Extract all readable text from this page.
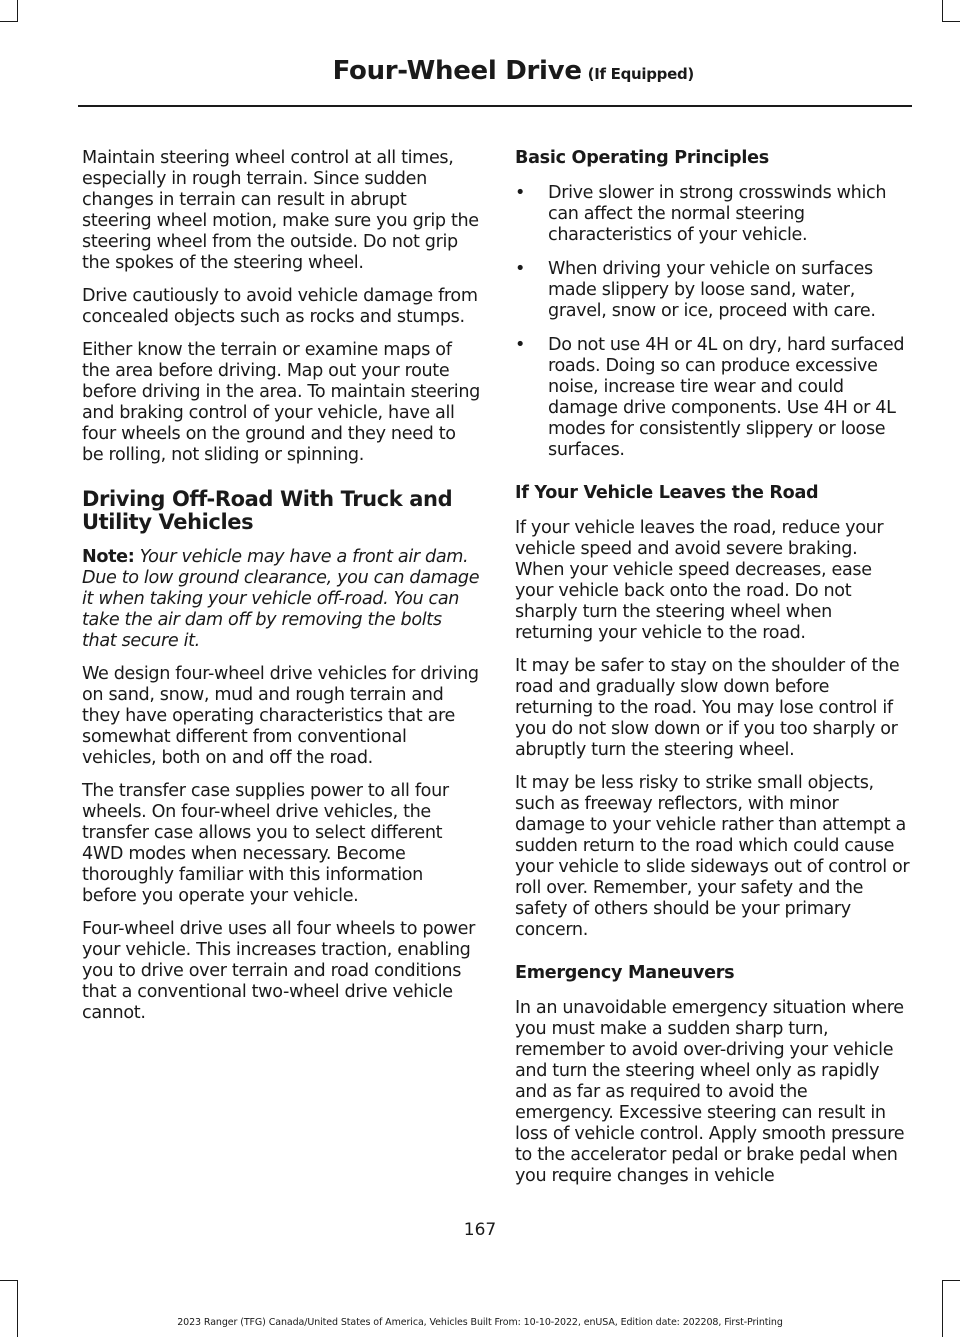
Four-Wheel Drive (If Equipped)

Maintain steering wheel control at all times, especially in rough terrain. Since sudden changes in terrain can result in abrupt steering wheel motion, make sure you grip the steering wheel from the outside. Do not grip the spokes of the steering wheel.

Drive cautiously to avoid vehicle damage from concealed objects such as rocks and stumps.

Either know the terrain or examine maps of the area before driving. Map out your route before driving in the area. To maintain steering and braking control of your vehicle, have all four wheels on the ground and they need to be rolling, not sliding or spinning.

Driving Off-Road With Truck and Utility Vehicles

Note: Your vehicle may have a front air dam. Due to low ground clearance, you can damage it when taking your vehicle off-road. You can take the air dam off by removing the bolts that secure it.

We design four-wheel drive vehicles for driving on sand, snow, mud and rough terrain and they have operating characteristics that are somewhat different from conventional vehicles, both on and off the road.

The transfer case supplies power to all four wheels. On four-wheel drive vehicles, the transfer case allows you to select different 4WD modes when necessary. Become thoroughly familiar with this information before you operate your vehicle.

Four-wheel drive uses all four wheels to power your vehicle. This increases traction, enabling you to drive over terrain and road conditions that a conventional two-wheel drive vehicle cannot.

Basic Operating Principles
• Drive slower in strong crosswinds which can affect the normal steering characteristics of your vehicle.
• When driving your vehicle on surfaces made slippery by loose sand, water, gravel, snow or ice, proceed with care.
• Do not use 4H or 4L on dry, hard surfaced roads. Doing so can produce excessive noise, increase tire wear and could damage drive components. Use 4H or 4L modes for consistently slippery or loose surfaces.
If Your Vehicle Leaves the Road

If your vehicle leaves the road, reduce your vehicle speed and avoid severe braking. When your vehicle speed decreases, ease your vehicle back onto the road. Do not sharply turn the steering wheel when returning your vehicle to the road.

It may be safer to stay on the shoulder of the road and gradually slow down before returning to the road. You may lose control if you do not slow down or if you too sharply or abruptly turn the steering wheel.

It may be less risky to strike small objects, such as freeway reflectors, with minor damage to your vehicle rather than attempt a sudden return to the road which could cause your vehicle to slide sideways out of control or roll over. Remember, your safety and the safety of others should be your primary concern.

Emergency Maneuvers

In an unavoidable emergency situation where you must make a sudden sharp turn, remember to avoid over-driving your vehicle and turn the steering wheel only as rapidly and as far as required to avoid the emergency. Excessive steering can result in loss of vehicle control. Apply smooth pressure to the accelerator pedal or brake pedal when you require changes in vehicle

167
2023 Ranger (TFG) Canada/United States of America, Vehicles Built From: 10-10-2022, enUSA, Edition date: 202208, First-Printing
